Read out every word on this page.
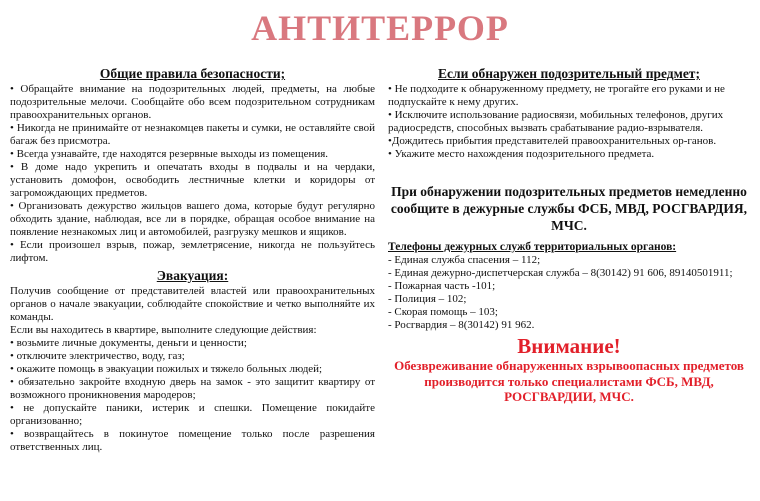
АНТИТЕРРОР
Общие правила безопасности;

• Обращайте внимание на подозрительных людей, предметы, на любые подозрительные мелочи. Сообщайте обо всем подозрительном сотрудникам правоохранительных органов.

• Никогда не принимайте от незнакомцев пакеты и сумки, не оставляйте свой багаж без присмотра.

• Всегда узнавайте, где находятся резервные выходы из помещения.

• В доме надо укрепить и опечатать входы в подвалы и на чердаки, установить домофон, освободить лестничные клетки и коридоры от загромождающих предметов.

• Организовать дежурство жильцов вашего дома, которые будут регулярно обходить здание, наблюдая, все ли в порядке, обращая особое внимание на появление незнакомых лиц и автомобилей, разгрузку мешков и ящиков.

• Если произошел взрыв, пожар, землетрясение, никогда не пользуйтесь лифтом.

Эвакуация:

Получив сообщение от представителей властей или правоохранительных органов о начале эвакуации, соблюдайте спокойствие и четко выполняйте их команды.

Если вы находитесь в квартире, выполните следующие действия:

• возьмите личные документы, деньги и ценности;

• отключите электричество, воду, газ;

• окажите помощь в эвакуации пожилых и тяжело больных людей;

• обязательно закройте входную дверь на замок - это защитит квартиру от возможного проникновения мародеров;

• не допускайте паники, истерик и спешки. Помещение покидайте организованно;

• возвращайтесь в покинутое помещение только после разрешения ответственных лиц.

Если обнаружен подозрительный предмет;

• Не подходите к обнаруженному предмету, не трогайте его руками и не подпускайте к нему других.

• Исключите использование радиосвязи, мобильных телефонов, других радиосредств, способных вызвать срабатывание радио-взрывателя.

•Дождитесь прибытия представителей правоохранительных ор-ганов.

• Укажите место нахождения подозрительного предмета.

При обнаружении подозрительных предметов немедленно сообщите в дежурные службы ФСБ, МВД, РОСГВАРДИЯ, МЧС.

Телефоны дежурных служб территориальных органов:

- Единая служба спасения – 112;

- Единая дежурно-диспетчерская служба – 8(30142) 91 606, 89140501911;

- Пожарная часть -101;

- Полиция – 102;

- Скорая помощь – 103;

- Росгвардия – 8(30142) 91 962.

Внимание!

Обезвреживание обнаруженных взрывоопасных предметов производится только специалистами ФСБ, МВД, РОСГВАРДИИ, МЧС.
